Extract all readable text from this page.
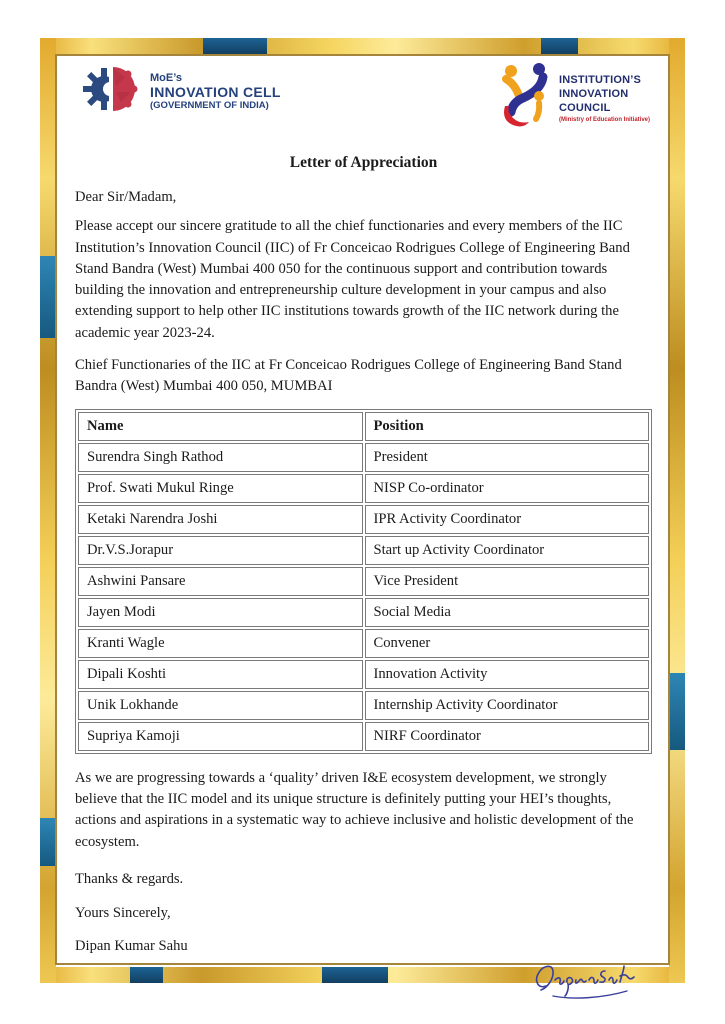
MoE’s
INNOVATION CELL
(GOVERNMENT OF INDIA)
INSTITUTION’S
INNOVATION
COUNCIL
(Ministry of Education Initiative)
Letter of Appreciation
Dear Sir/Madam,
Please accept our sincere gratitude to all the chief functionaries and every members of the IIC Institution’s Innovation Council (IIC) of Fr Conceicao Rodrigues College of Engineering Band Stand Bandra (West) Mumbai 400 050 for the continuous support and contribution towards building the innovation and entrepreneurship culture development in your campus and also extending support to help other IIC institutions towards growth of the IIC network during the academic year 2023-24.
Chief Functionaries of the IIC at Fr Conceicao Rodrigues College of Engineering Band Stand Bandra (West) Mumbai 400 050, MUMBAI
Name	Position
Surendra Singh Rathod	President
Prof. Swati Mukul Ringe	NISP Co-ordinator
Ketaki Narendra Joshi	IPR Activity Coordinator
Dr.V.S.Jorapur	Start up Activity Coordinator
Ashwini Pansare	Vice President
Jayen Modi	Social Media
Kranti Wagle	Convener
Dipali Koshti	Innovation Activity
Unik Lokhande	Internship Activity Coordinator
Supriya Kamoji	NIRF Coordinator
As we are progressing towards a ‘quality’ driven I&E ecosystem development, we strongly believe that the IIC model and its unique structure is definitely putting your HEI’s thoughts, actions and aspirations in a systematic way to achieve inclusive and holistic development of the ecosystem.
Thanks & regards.
Yours Sincerely,
Dipan Kumar Sahu
